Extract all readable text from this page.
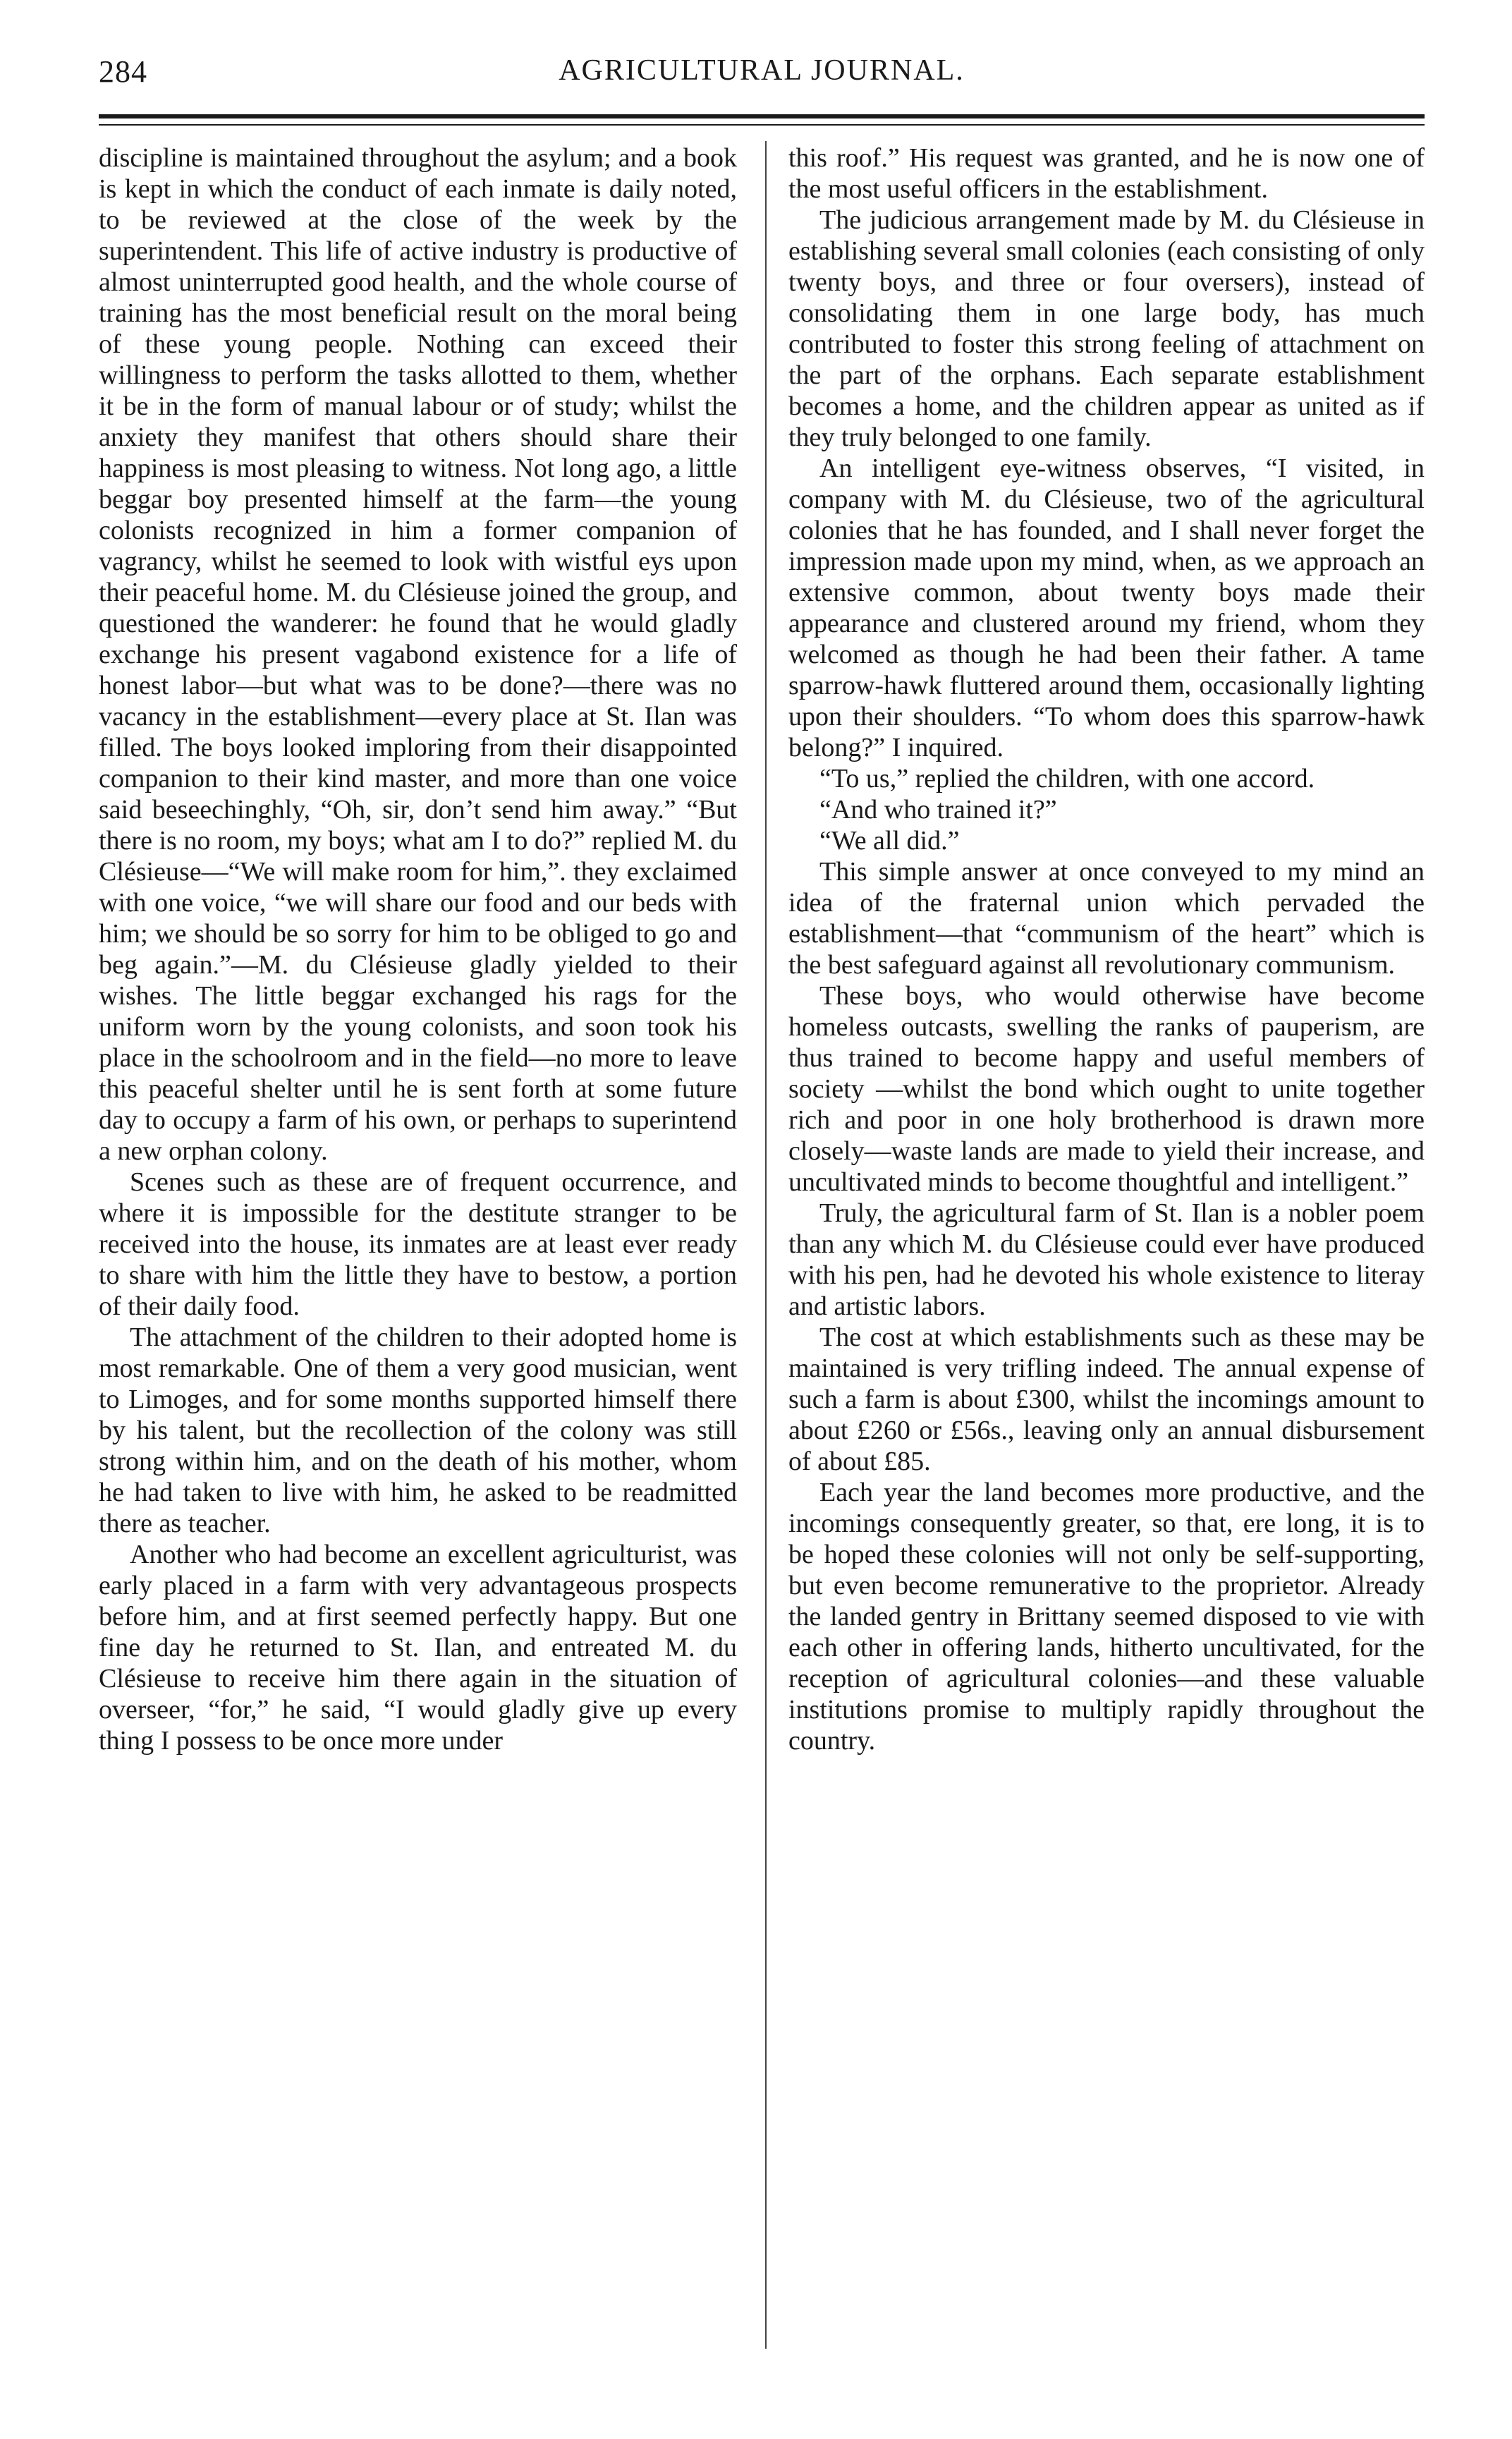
284	AGRICULTURAL JOURNAL.

discipline is maintained throughout the asylum; and a book is kept in which the conduct of each inmate is daily noted, to be reviewed at the close of the week by the superintendent. This life of active industry is productive of almost uninterrupted good health, and the whole course of training has the most beneficial result on the moral being of these young people. Nothing can exceed their willingness to perform the tasks allotted to them, whether it be in the form of manual labour or of study; whilst the anxiety they manifest that others should share their happiness is most pleasing to witness. Not long ago, a little beggar boy presented himself at the farm—the young colonists recognized in him a former companion of vagrancy, whilst he seemed to look with wistful eys upon their peaceful home. M. du Clésieuse joined the group, and questioned the wanderer: he found that he would gladly exchange his present vagabond existence for a life of honest labor—but what was to be done?—there was no vacancy in the establishment—every place at St. Ilan was filled. The boys looked imploring from their disappointed companion to their kind master, and more than one voice said beseechinghly, “Oh, sir, don’t send him away.” “But there is no room, my boys; what am I to do?” replied M. du Clésieuse—“We will make room for him,”. they exclaimed with one voice, “we will share our food and our beds with him; we should be so sorry for him to be obliged to go and beg again.”—M. du Clésieuse gladly yielded to their wishes. The little beggar exchanged his rags for the uniform worn by the young colonists, and soon took his place in the schoolroom and in the field—no more to leave this peaceful shelter until he is sent forth at some future day to occupy a farm of his own, or perhaps to superintend a new orphan colony.

Scenes such as these are of frequent occurrence, and where it is impossible for the destitute stranger to be received into the house, its inmates are at least ever ready to share with him the little they have to bestow, a portion of their daily food.

The attachment of the children to their adopted home is most remarkable. One of them a very good musician, went to Limoges, and for some months supported himself there by his talent, but the recollection of the colony was still strong within him, and on the death of his mother, whom he had taken to live with him, he asked to be readmitted there as teacher.

Another who had become an excellent agriculturist, was early placed in a farm with very advantageous prospects before him, and at first seemed perfectly happy. But one fine day he returned to St. Ilan, and entreated M. du Clésieuse to receive him there again in the situation of overseer, “for,” he said, “I would gladly give up every thing I possess to be once more under

this roof.” His request was granted, and he is now one of the most useful officers in the establishment.

The judicious arrangement made by M. du Clésieuse in establishing several small colonies (each consisting of only twenty boys, and three or four oversers), instead of consolidating them in one large body, has much contributed to foster this strong feeling of attachment on the part of the orphans. Each separate establishment becomes a home, and the children appear as united as if they truly belonged to one family.

An intelligent eye-witness observes, “I visited, in company with M. du Clésieuse, two of the agricultural colonies that he has founded, and I shall never forget the impression made upon my mind, when, as we approach an extensive common, about twenty boys made their appearance and clustered around my friend, whom they welcomed as though he had been their father. A tame sparrow-hawk fluttered around them, occasionally lighting upon their shoulders. “To whom does this sparrow-hawk belong?” I inquired.

“To us,” replied the children, with one accord.

“And who trained it?”

“We all did.”

This simple answer at once conveyed to my mind an idea of the fraternal union which pervaded the establishment—that “communism of the heart” which is the best safeguard against all revolutionary communism.

These boys, who would otherwise have become homeless outcasts, swelling the ranks of pauperism, are thus trained to become happy and useful members of society —whilst the bond which ought to unite together rich and poor in one holy brotherhood is drawn more closely—waste lands are made to yield their increase, and uncultivated minds to become thoughtful and intelligent.”

Truly, the agricultural farm of St. Ilan is a nobler poem than any which M. du Clésieuse could ever have produced with his pen, had he devoted his whole existence to literay and artistic labors.

The cost at which establishments such as these may be maintained is very trifling indeed. The annual expense of such a farm is about £300, whilst the incomings amount to about £260 or £56s., leaving only an annual disbursement of about £85.

Each year the land becomes more productive, and the incomings consequently greater, so that, ere long, it is to be hoped these colonies will not only be self-supporting, but even become remunerative to the proprietor. Already the landed gentry in Brittany seemed disposed to vie with each other in offering lands, hitherto uncultivated, for the reception of agricultural colonies—and these valuable institutions promise to multiply rapidly throughout the country.
